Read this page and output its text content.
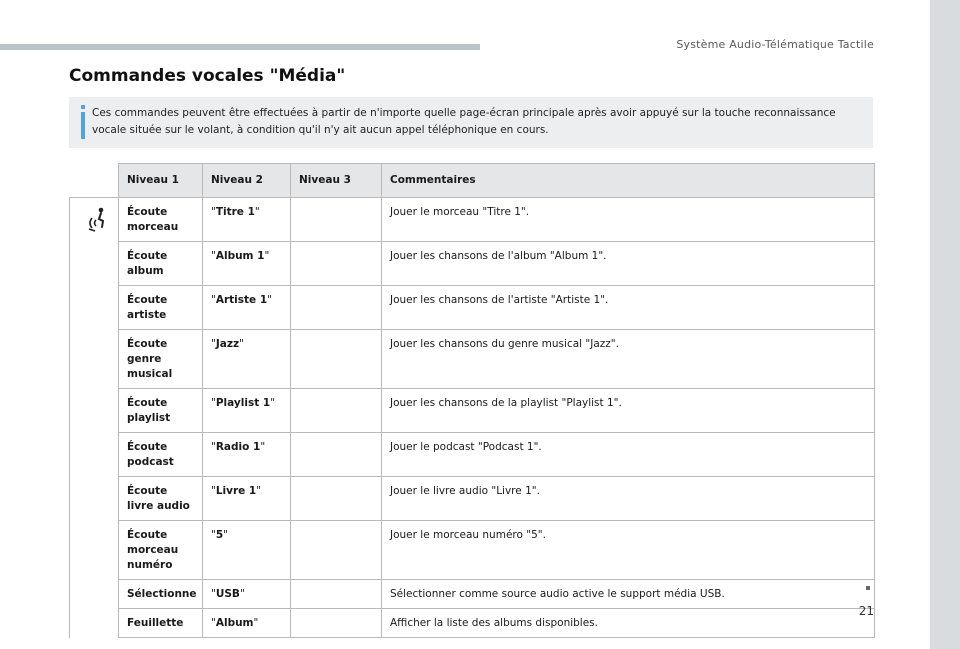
Système Audio-Télématique Tactile
Commandes vocales "Média"
Ces commandes peuvent être effectuées à partir de n'importe quelle page-écran principale après avoir appuyé sur la touche reconnaissance vocale située sur le volant, à condition qu'il n'y ait aucun appel téléphonique en cours.
	Niveau 1	Niveau 2	Niveau 3	Commentaires

	Écoute morceau	"Titre 1"		Jouer le morceau "Titre 1".
	Écoute album	"Album 1"		Jouer les chansons de l'album "Album 1".
	Écoute artiste	"Artiste 1"		Jouer les chansons de l'artiste "Artiste 1".
	Écoute genre musical	"Jazz"		Jouer les chansons du genre musical "Jazz".
	Écoute playlist	"Playlist 1"		Jouer les chansons de la playlist "Playlist 1".
	Écoute podcast	"Radio 1"		Jouer le podcast "Podcast 1".
	Écoute livre audio	"Livre 1"		Jouer le livre audio "Livre 1".
	Écoute morceau numéro	"5"		Jouer le morceau numéro "5".
	Sélectionne	"USB"		Sélectionner comme source audio active le support média USB.
	Feuillette	"Album"		Afficher la liste des albums disponibles.
21
